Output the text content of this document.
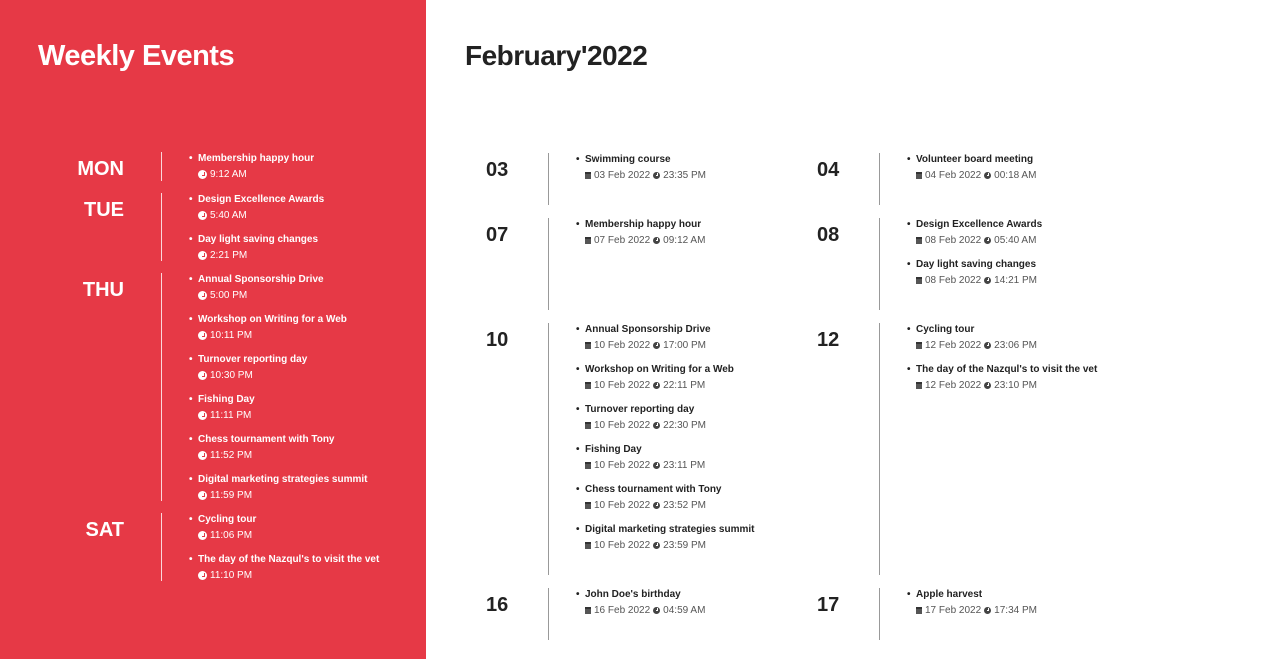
Weekly Events
MON	• Membership happy hour
9:12 AM
TUE	• Design Excellence Awards
5:40 AM
• Day light saving changes
2:21 PM
THU	• Annual Sponsorship Drive
5:00 PM
• Workshop on Writing for a Web
10:11 PM
• Turnover reporting day
10:30 PM
• Fishing Day
11:11 PM
• Chess tournament with Tony
11:52 PM
• Digital marketing strategies summit
11:59 PM
SAT	• Cycling tour
11:06 PM
• The day of the Nazqul's to visit the vet
11:10 PM
February'2022
03	• Swimming course
03 Feb 2022 23:35 PM	04	• Volunteer board meeting
04 Feb 2022 00:18 AM
07	• Membership happy hour
07 Feb 2022 09:12 AM	08	• Design Excellence Awards
08 Feb 2022 05:40 AM
• Day light saving changes
08 Feb 2022 14:21 PM
10	• Annual Sponsorship Drive
10 Feb 2022 17:00 PM
• Workshop on Writing for a Web
10 Feb 2022 22:11 PM
• Turnover reporting day
10 Feb 2022 22:30 PM
• Fishing Day
10 Feb 2022 23:11 PM
• Chess tournament with Tony
10 Feb 2022 23:52 PM
• Digital marketing strategies summit
10 Feb 2022 23:59 PM
12	• Cycling tour
12 Feb 2022 23:06 PM
• The day of the Nazqul's to visit the vet
12 Feb 2022 23:10 PM
16	• John Doe's birthday
16 Feb 2022 04:59 AM	17	• Apple harvest
17 Feb 2022 17:34 PM
